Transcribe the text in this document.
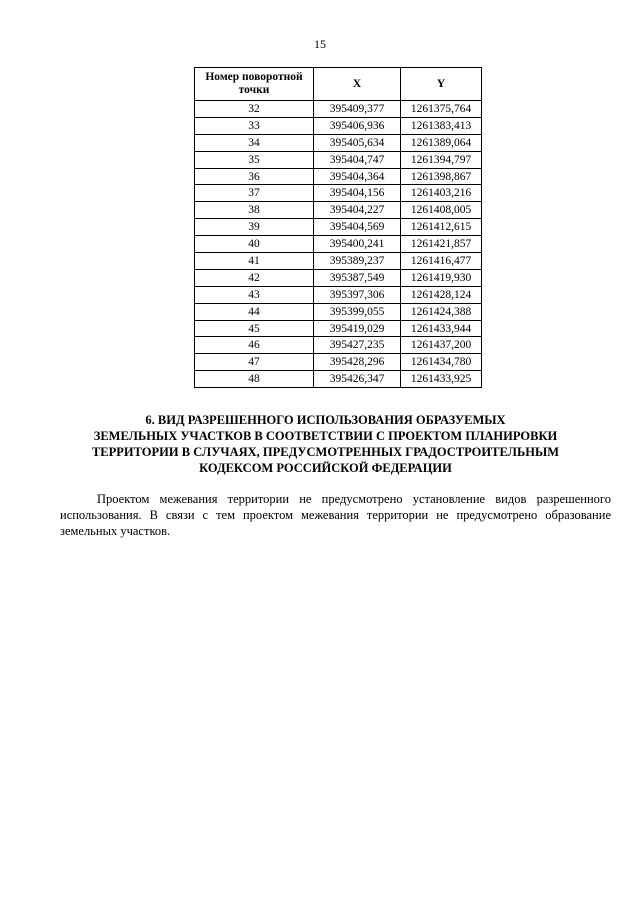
15
Номер поворотной точки	X	Y
32	395409,377	1261375,764
33	395406,936	1261383,413
34	395405,634	1261389,064
35	395404,747	1261394,797
36	395404,364	1261398,867
37	395404,156	1261403,216
38	395404,227	1261408,005
39	395404,569	1261412,615
40	395400,241	1261421,857
41	395389,237	1261416,477
42	395387,549	1261419,930
43	395397,306	1261428,124
44	395399,055	1261424,388
45	395419,029	1261433,944
46	395427,235	1261437,200
47	395428,296	1261434,780
48	395426,347	1261433,925
6. ВИД РАЗРЕШЕННОГО ИСПОЛЬЗОВАНИЯ ОБРАЗУЕМЫХ
ЗЕМЕЛЬНЫХ УЧАСТКОВ В СООТВЕТСТВИИ С ПРОЕКТОМ ПЛАНИРОВКИ
ТЕРРИТОРИИ В СЛУЧАЯХ, ПРЕДУСМОТРЕННЫХ ГРАДОСТРОИТЕЛЬНЫМ
КОДЕКСОМ РОССИЙСКОЙ ФЕДЕРАЦИИ

Проектом межевания территории не предусмотрено установление видов разрешенного использования. В связи с тем проектом межевания территории не предусмотрено образование земельных участков.
